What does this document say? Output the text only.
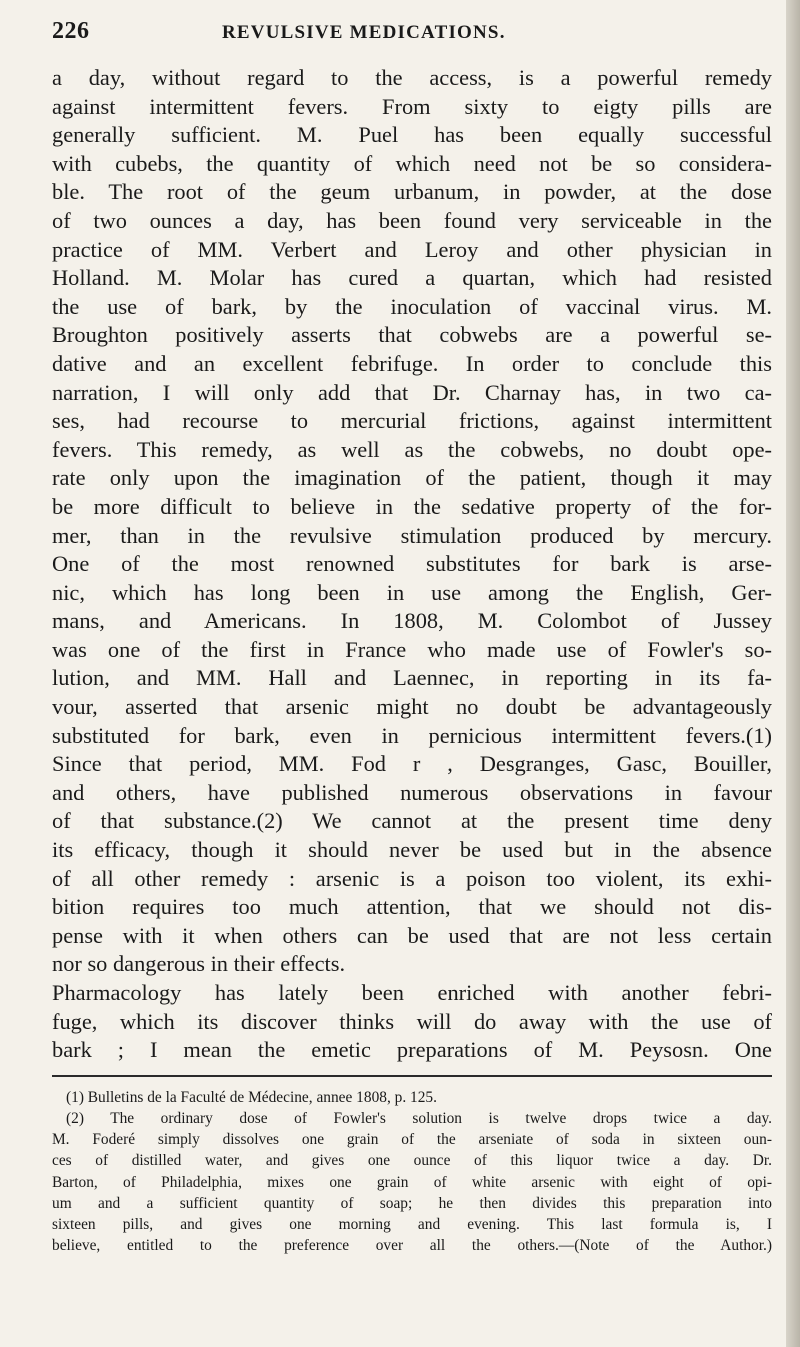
226	REVULSIVE MEDICATIONS.
a day, without regard to the access, is a powerful remedy
against intermittent fevers. From sixty to eigty pills are
generally sufficient. M. Puel has been equally successful
with cubebs, the quantity of which need not be so considera-
ble. The root of the geum urbanum, in powder, at the dose
of two ounces a day, has been found very serviceable in the
practice of MM. Verbert and Leroy and other physician in
Holland. M. Molar has cured a quartan, which had resisted
the use of bark, by the inoculation of vaccinal virus. M.
Broughton positively asserts that cobwebs are a powerful se-
dative and an excellent febrifuge. In order to conclude this
narration, I will only add that Dr. Charnay has, in two ca-
ses, had recourse to mercurial frictions, against intermittent
fevers. This remedy, as well as the cobwebs, no doubt ope-
rate only upon the imagination of the patient, though it may
be more difficult to believe in the sedative property of the for-
mer, than in the revulsive stimulation produced by mercury.
One of the most renowned substitutes for bark is arse-
nic, which has long been in use among the English, Ger-
mans, and Americans. In 1808, M. Colombot of Jussey
was one of the first in France who made use of Fowler's so-
lution, and MM. Hall and Laennec, in reporting in its fa-
vour, asserted that arsenic might no doubt be advantageously
substituted for bark, even in pernicious intermittent fevers.(1)
Since that period, MM. Fod r , Desgranges, Gasc, Bouiller,
and others, have published numerous observations in favour
of that substance.(2) We cannot at the present time deny
its efficacy, though it should never be used but in the absence
of all other remedy : arsenic is a poison too violent, its exhi-
bition requires too much attention, that we should not dis-
pense with it when others can be used that are not less certain
nor so dangerous in their effects.
Pharmacology has lately been enriched with another febri-
fuge, which its discover thinks will do away with the use of
bark ; I mean the emetic preparations of M. Peysosn. One
(1) Bulletins de la Faculté de Médecine, annee 1808, p. 125.
(2) The ordinary dose of Fowler's solution is twelve drops twice a day.
M. Foderé simply dissolves one grain of the arseniate of soda in sixteen oun-
ces of distilled water, and gives one ounce of this liquor twice a day. Dr.
Barton, of Philadelphia, mixes one grain of white arsenic with eight of opi-
um and a sufficient quantity of soap; he then divides this preparation into
sixteen pills, and gives one morning and evening. This last formula is, I
believe, entitled to the preference over all the others.—(Note of the Author.)
